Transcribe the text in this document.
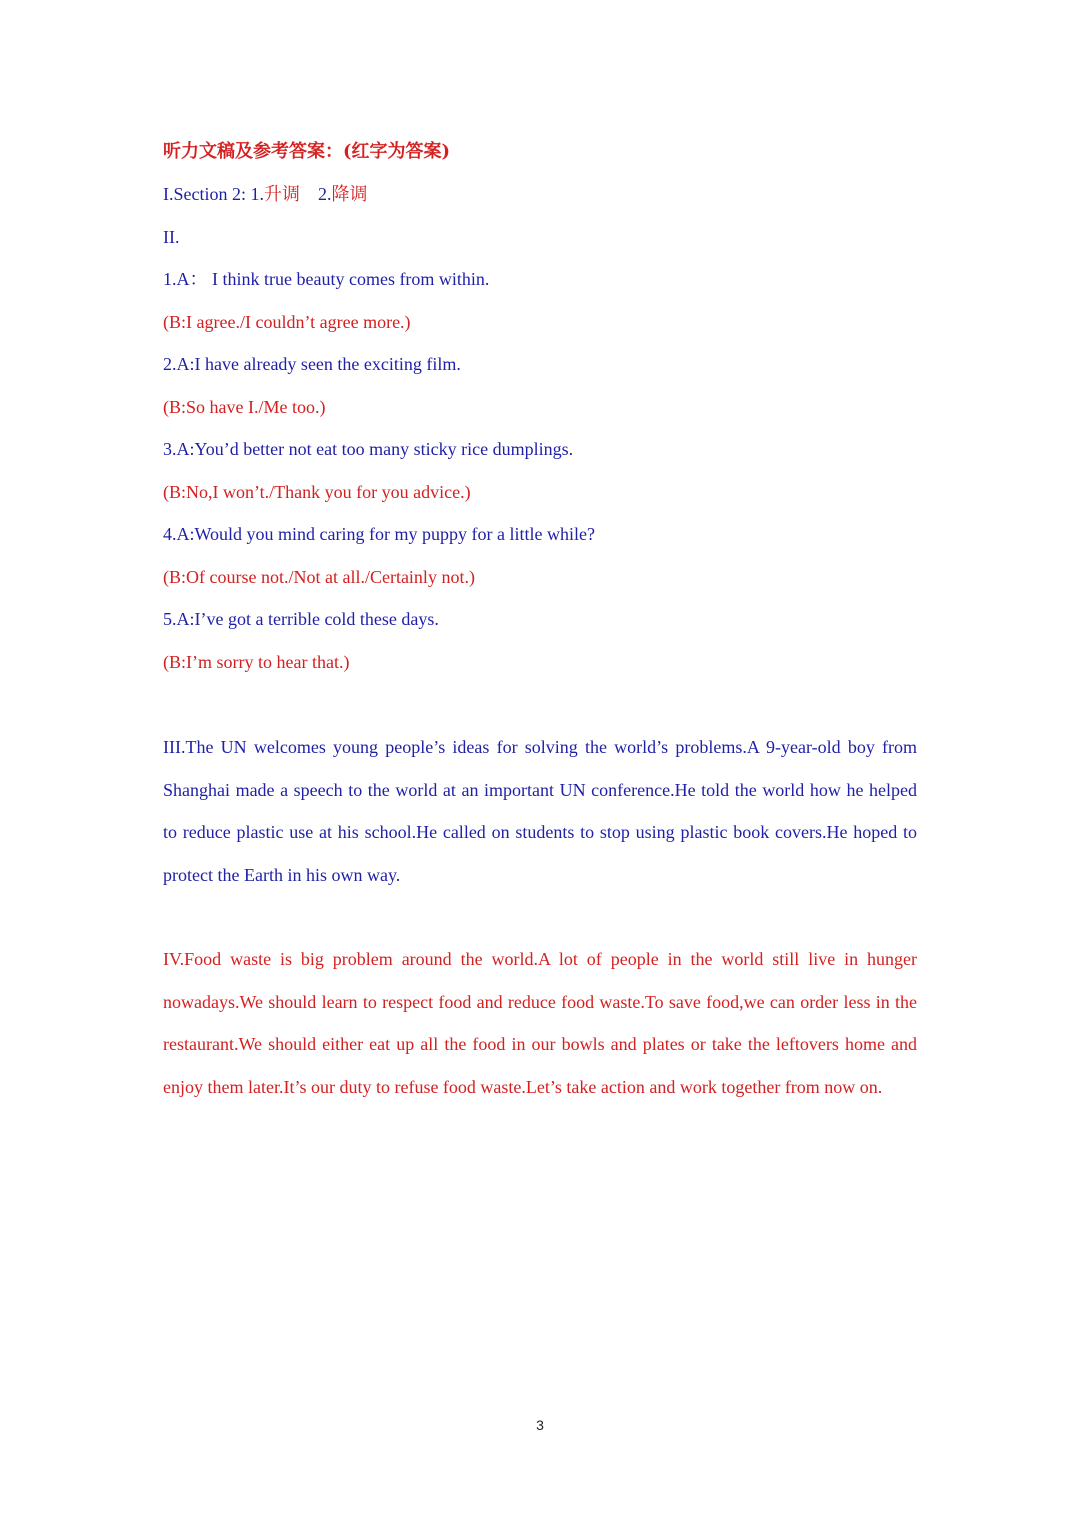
听力文稿及参考答案：(红字为答案)
I.Section 2: 1.升调 2.降调
II.
1.A： I think true beauty comes from within.
(B:I agree./I couldn’t agree more.)
2.A:I have already seen the exciting film.
(B:So have I./Me too.)
3.A:You’d better not eat too many sticky rice dumplings.
(B:No,I won’t./Thank you for you advice.)
4.A:Would you mind caring for my puppy for a little while?
(B:Of course not./Not at all./Certainly not.)
5.A:I’ve got a terrible cold these days.
(B:I’m sorry to hear that.)
III.The UN welcomes young people’s ideas for solving the world’s problems.A 9-year-old boy from Shanghai made a speech to the world at an important UN conference.He told the world how he helped to reduce plastic use at his school.He called on students to stop using plastic book covers.He hoped to protect the Earth in his own way.
IV.Food waste is big problem around the world.A lot of people in the world still live in hunger nowadays.We should learn to respect food and reduce food waste.To save food,we can order less in the restaurant.We should either eat up all the food in our bowls and plates or take the leftovers home and enjoy them later.It’s our duty to refuse food waste.Let’s take action and work together from now on.
3
